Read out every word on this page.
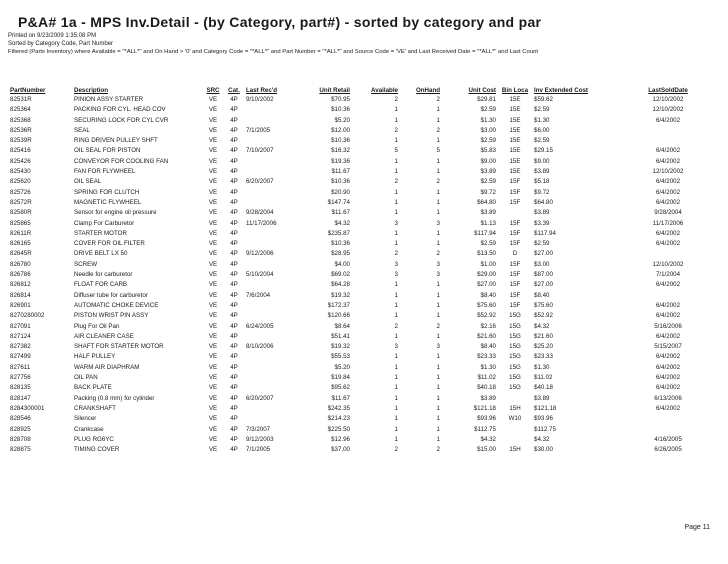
P&A# 1a - MPS Inv.Detail - (by Category, part#) - sorted by category and par
Printed on 9/23/2009 1:35:08 PM
Sorted by Category Code, Part Number
Filtered (Parts Inventory) where Available = "*ALL*" and On Hand > '0' and Category Code = "*ALL*" and Part Number = "*ALL*" and Source Code = 'VE' and Last Received Date = "*ALL*" and Last Count
PartNumber	Description	SRC	Cat.	Last Rec'd	Unit Retail	Available	OnHand	Unit Cost	Bin Loca	Inv Extended Cost	LastSoldDate
82531R	PINION ASSY STARTER	VE	4P	9/10/2002	$70.95	2	2	$29.81	15E	$59.62	12/10/2002
825364	PACKING FOR CYL. HEAD COV	VE	4P		$10.36	1	1	$2.59	15E	$2.59	12/10/2002
825368	SECURING LOCK FOR CYL CVR	VE	4P		$5.20	1	1	$1.30	15E	$1.30	6/4/2002
82536R	SEAL	VE	4P	7/1/2005	$12.00	2	2	$3.00	15E	$6.00	
82539R	RING DRIVEN PULLEY SHFT	VE	4P		$10.36	1	1	$2.59	15E	$2.59	
825416	OIL SEAL FOR PISTON	VE	4P	7/10/2007	$16.32	5	5	$5.83	15E	$29.15	6/4/2002
825426	CONVEYOR FOR COOLING FAN	VE	4P		$19.36	1	1	$9.00	15E	$9.00	6/4/2002
825430	FAN FOR FLYWHEEL	VE	4P		$11.67	1	1	$3.89	15E	$3.89	12/10/2002
825620	OIL SEAL	VE	4P	6/20/2007	$10.36	2	2	$2.59	15F	$5.18	6/4/2002
825726	SPRING FOR CLUTCH	VE	4P		$20.90	1	1	$9.72	15F	$9.72	6/4/2002
82572R	MAGNETIC FLYWHEEL	VE	4P		$147.74	1	1	$64.80	15F	$64.80	6/4/2002
82580R	Sensor for engine oil pressure	VE	4P	9/28/2004	$11.67	1	1	$3.89		$3.89	9/28/2004
825865	Clamp For Carburetor	VE	4P	11/17/2006	$4.32	3	3	$1.13	15F	$3.39	11/17/2006
82611R	STARTER MOTOR	VE	4P		$235.87	1	1	$117.94	15F	$117.94	6/4/2002
826165	COVER FOR OIL FILTER	VE	4P		$10.36	1	1	$2.59	15F	$2.59	6/4/2002
82645R	DRIVE BELT LX 50	VE	4P	9/12/2006	$28.95	2	2	$13.50	D	$27.00	
826780	SCREW	VE	4P		$4.00	3	3	$1.00	15F	$3.00	12/10/2002
826786	Needle for carburetor	VE	4P	5/10/2004	$69.02	3	3	$29.00	15F	$87.00	7/1/2004
826812	FLOAT FOR CARB	VE	4P		$64.28	1	1	$27.00	15F	$27.00	6/4/2002
826814	Diffuser tube for carburetor	VE	4P	7/6/2004	$19.32	1	1	$8.40	15F	$8.40	
826901	AUTOMATIC CHOKE DEVICE	VE	4P		$172.37	1	1	$75.60	15F	$75.60	6/4/2002
8270280002	PISTON WRIST PIN ASSY	VE	4P		$120.66	1	1	$52.92	15G	$52.92	6/4/2002
827091	Plug For Oil Pan	VE	4P	6/24/2005	$8.64	2	2	$2.16	15G	$4.32	5/16/2006
827124	AIR CLEANER CASE	VE	4P		$51.41	1	1	$21.60	15G	$21.60	6/4/2002
827382	SHAFT FOR STARTER MOTOR	VE	4P	8/10/2006	$19.32	3	3	$8.40	15G	$25.20	5/15/2007
827499	HALF PULLEY	VE	4P		$55.53	1	1	$23.33	15G	$23.33	6/4/2002
827611	WARM AIR DIAPHRAM	VE	4P		$5.20	1	1	$1.30	15G	$1.30	6/4/2002
827756	OIL PAN	VE	4P		$19.84	1	1	$11.02	15G	$11.02	6/4/2002
828135	BACK PLATE	VE	4P		$95.62	1	1	$40.18	15G	$40.18	6/4/2002
828147	Packing (0.8 mm) for cylinder	VE	4P	6/20/2007	$11.67	1	1	$3.89		$3.89	6/13/2006
8284300001	CRANKSHAFT	VE	4P		$242.35	1	1	$121.18	15H	$121.18	6/4/2002
828546	Silencer	VE	4P		$214.23	1	1	$93.96	W10	$93.96	
828925	Crankcase	VE	4P	7/3/2007	$225.50	1	1	$112.75		$112.75	
828708	PLUG RG6YC	VE	4P	9/12/2003	$12.96	1	1	$4.32		$4.32	4/16/2005
828875	TIMING COVER	VE	4P	7/1/2005	$37.00	2	2	$15.00	15H	$30.00	6/26/2005
Page 11
